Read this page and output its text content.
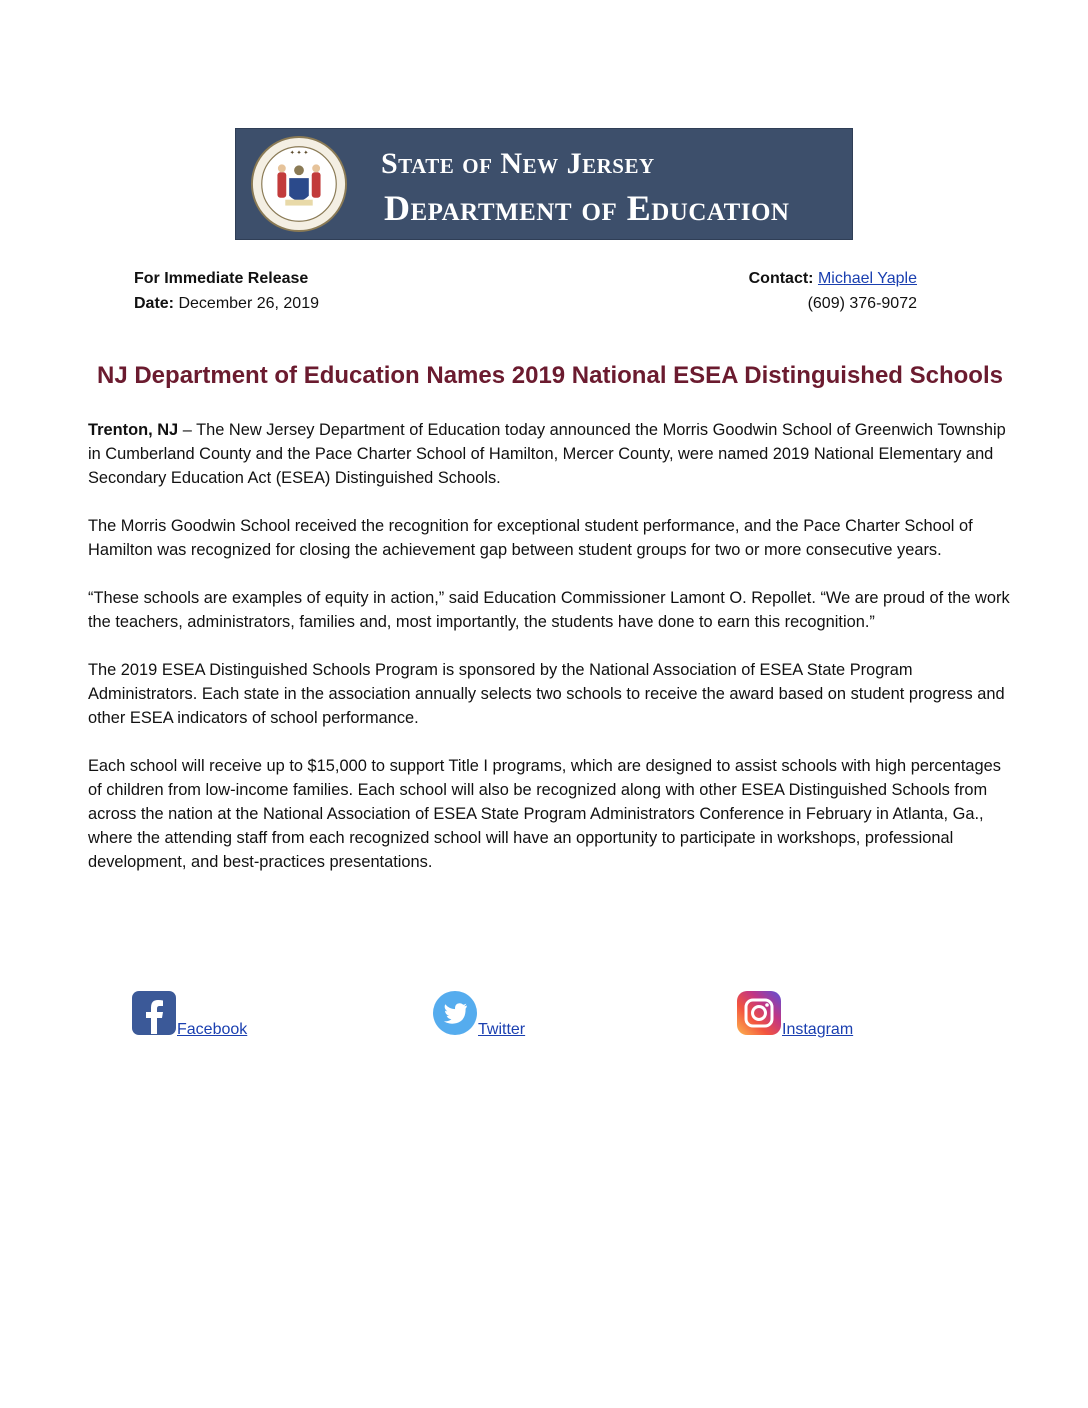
✦ ✦ ✦ State of New Jersey
Department of Education
For Immediate Release
Date: December 26, 2019
Contact: Michael Yaple
(609) 376-9072
NJ Department of Education Names 2019 National ESEA Distinguished Schools

Trenton, NJ – The New Jersey Department of Education today announced the Morris Goodwin School of Greenwich Township in Cumberland County and the Pace Charter School of Hamilton, Mercer County, were named 2019 National Elementary and Secondary Education Act (ESEA) Distinguished Schools.

The Morris Goodwin School received the recognition for exceptional student performance, and the Pace Charter School of Hamilton was recognized for closing the achievement gap between student groups for two or more consecutive years.

“These schools are examples of equity in action,” said Education Commissioner Lamont O. Repollet. “We are proud of the work the teachers, administrators, families and, most importantly, the students have done to earn this recognition.”

The 2019 ESEA Distinguished Schools Program is sponsored by the National Association of ESEA State Program Administrators. Each state in the association annually selects two schools to receive the award based on student progress and other ESEA indicators of school performance.

Each school will receive up to $15,000 to support Title I programs, which are designed to assist schools with high percentages of children from low-income families. Each school will also be recognized along with other ESEA Distinguished Schools from across the nation at the National Association of ESEA State Program Administrators Conference in February in Atlanta, Ga., where the attending staff from each recognized school will have an opportunity to participate in workshops, professional development, and best-practices presentations.

Facebook	Twitter	Instagram
